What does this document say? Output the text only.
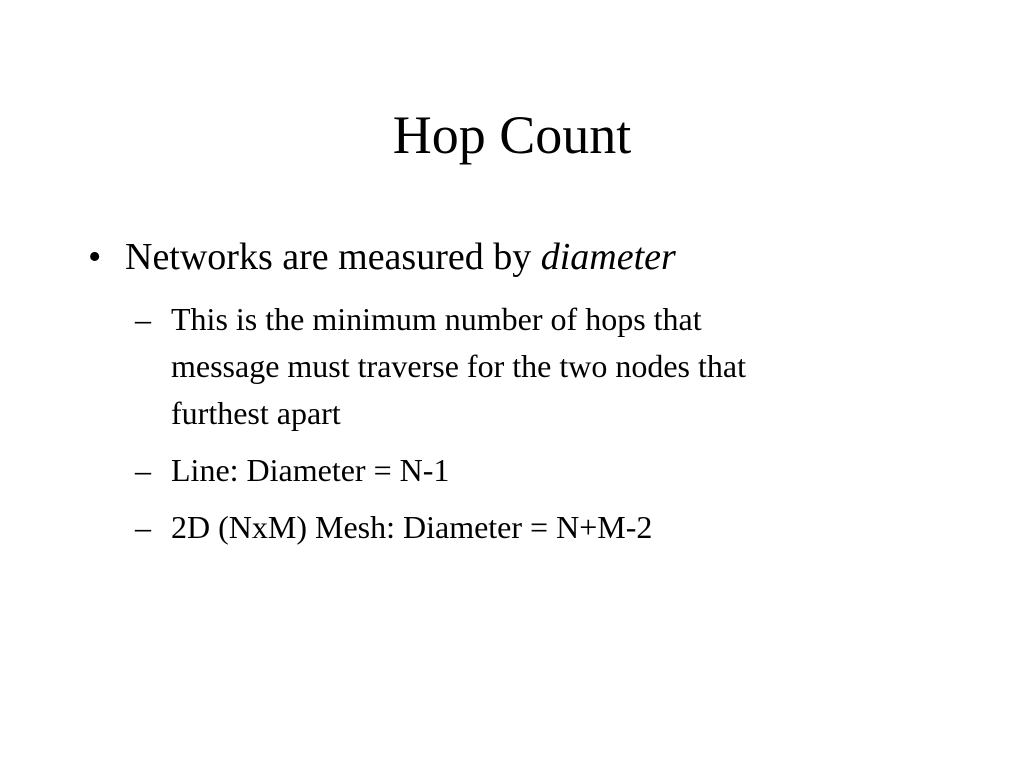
Hop Count
• Networks are measured by diameter
– This is the minimum number of hops that
message must traverse for the two nodes that
furthest apart
– Line: Diameter = N-1
– 2D (NxM) Mesh: Diameter = N+M-2
